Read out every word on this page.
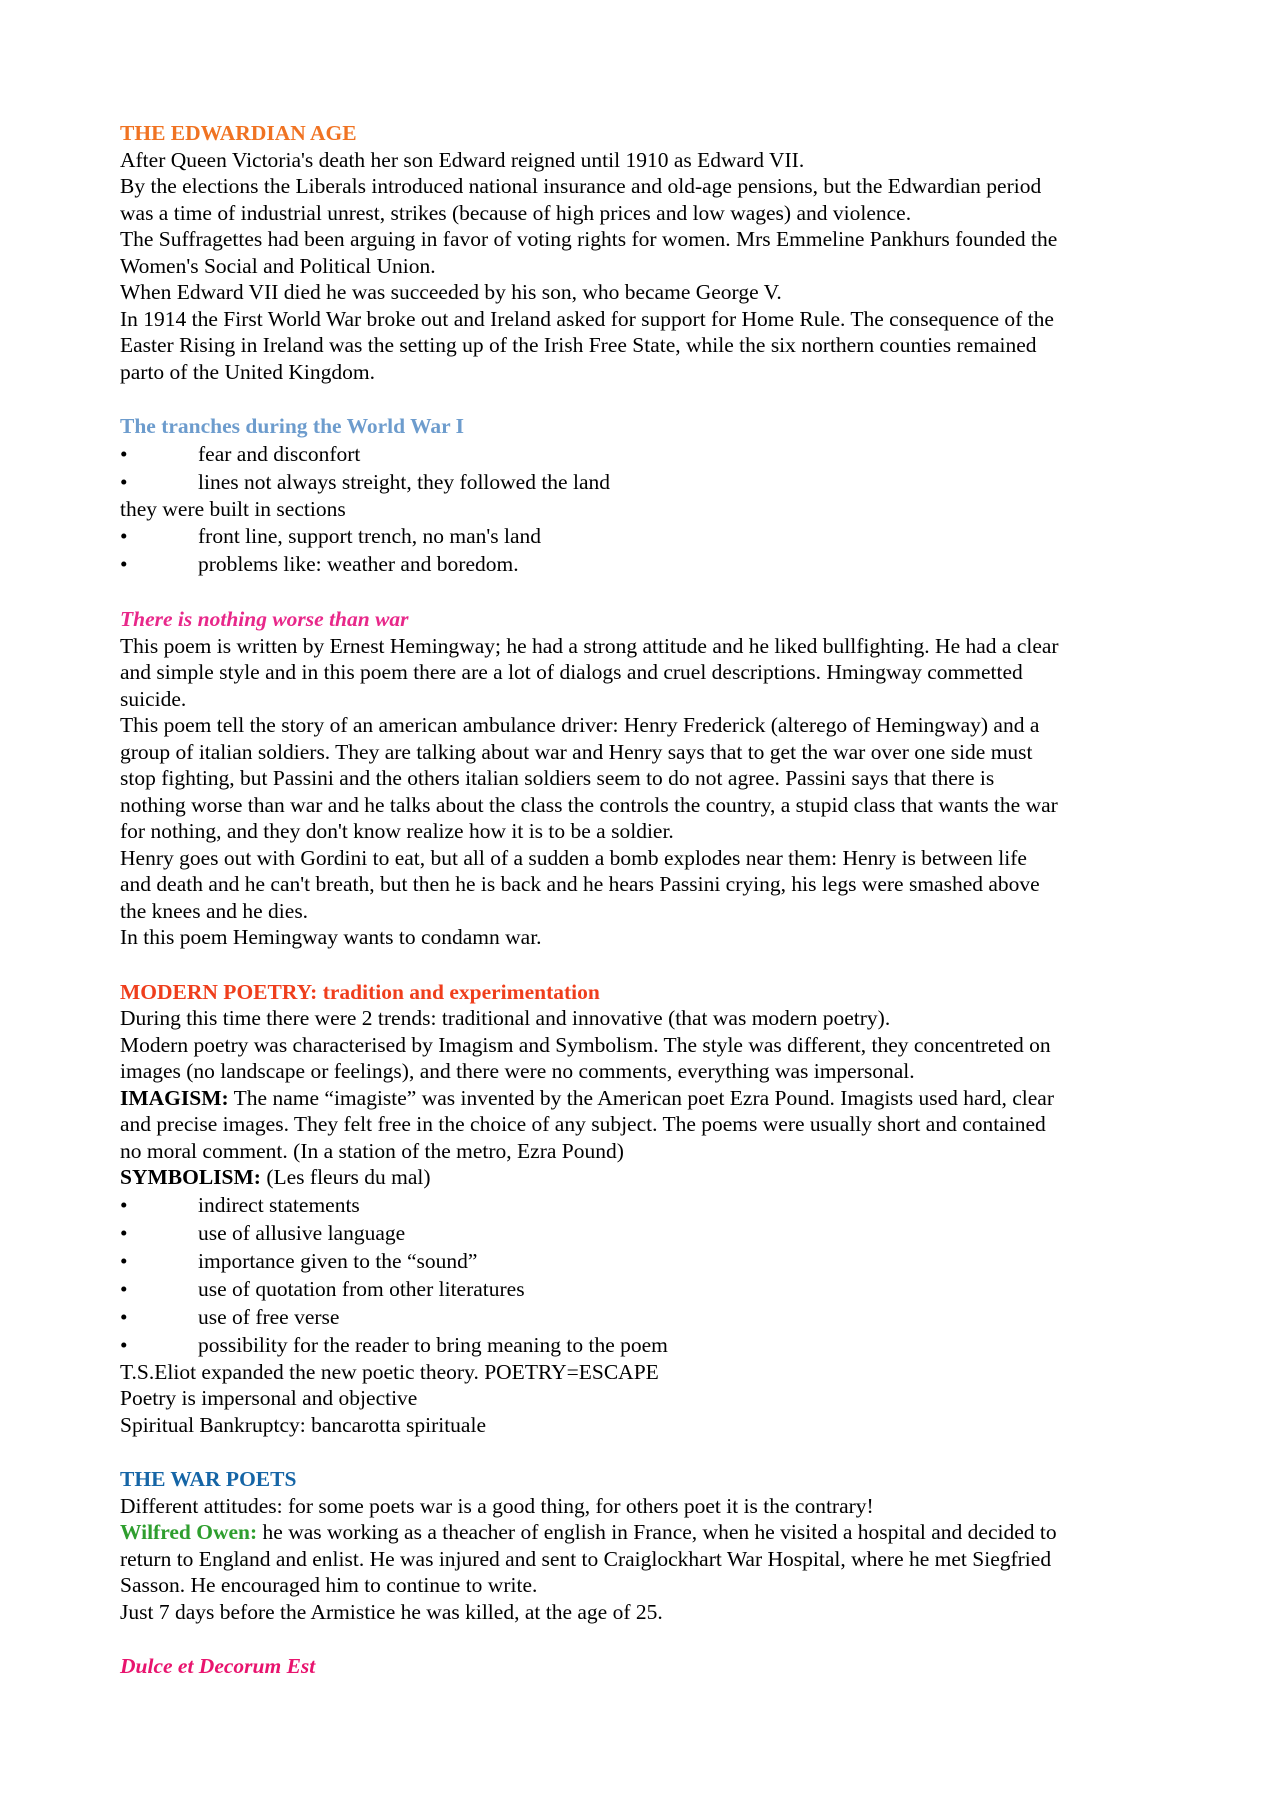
THE EDWARDIAN AGE

After Queen Victoria's death her son Edward reigned until 1910 as Edward VII.

By the elections the Liberals introduced national insurance and old-age pensions, but the Edwardian period

was a time of industrial unrest, strikes (because of high prices and low wages) and violence.

The Suffragettes had been arguing in favor of voting rights for women. Mrs Emmeline Pankhurs founded the

Women's Social and Political Union.

When Edward VII died he was succeeded by his son, who became George V.

In 1914 the First World War broke out and Ireland asked for support for Home Rule. The consequence of the

Easter Rising in Ireland was the setting up of the Irish Free State, while the six northern counties remained

parto of the United Kingdom.

The tranches during the World War I

•	fear and disconfort
•	lines not always streight, they followed the land

they were built in sections

•	front line, support trench, no man's land
•	problems like: weather and boredom.

There is nothing worse than war

This poem is written by Ernest Hemingway; he had a strong attitude and he liked bullfighting. He had a clear

and simple style and in this poem there are a lot of dialogs and cruel descriptions. Hmingway commetted

suicide.

This poem tell the story of an american ambulance driver: Henry Frederick (alterego of Hemingway) and a

group of italian soldiers. They are talking about war and Henry says that to get the war over one side must

stop fighting, but Passini and the others italian soldiers seem to do not agree. Passini says that there is

nothing worse than war and he talks about the class the controls the country, a stupid class that wants the war

for nothing, and they don't know realize how it is to be a soldier.

Henry goes out with Gordini to eat, but all of a sudden a bomb explodes near them: Henry is between life

and death and he can't breath, but then he is back and he hears Passini crying, his legs were smashed above

the knees and he dies.

In this poem Hemingway wants to condamn war.

MODERN POETRY: tradition and experimentation

During this time there were 2 trends: traditional and innovative (that was modern poetry).

Modern poetry was characterised by Imagism and Symbolism. The style was different, they concentreted on

images (no landscape or feelings), and there were no comments, everything was impersonal.

IMAGISM: The name “imagiste” was invented by the American poet Ezra Pound. Imagists used hard, clear

and precise images. They felt free in the choice of any subject. The poems were usually short and contained

no moral comment. (In a station of the metro, Ezra Pound)

SYMBOLISM: (Les fleurs du mal)

•	indirect statements
•	use of allusive language
•	importance given to the “sound”
•	use of quotation from other literatures
•	use of free verse
•	possibility for the reader to bring meaning to the poem

T.S.Eliot expanded the new poetic theory. POETRY=ESCAPE

Poetry is impersonal and objective

Spiritual Bankruptcy: bancarotta spirituale

THE WAR POETS

Different attitudes: for some poets war is a good thing, for others poet it is the contrary!

Wilfred Owen: he was working as a theacher of english in France, when he visited a hospital and decided to

return to England and enlist. He was injured and sent to Craiglockhart War Hospital, where he met Siegfried

Sasson. He encouraged him to continue to write.

Just 7 days before the Armistice he was killed, at the age of 25.

Dulce et Decorum Est
